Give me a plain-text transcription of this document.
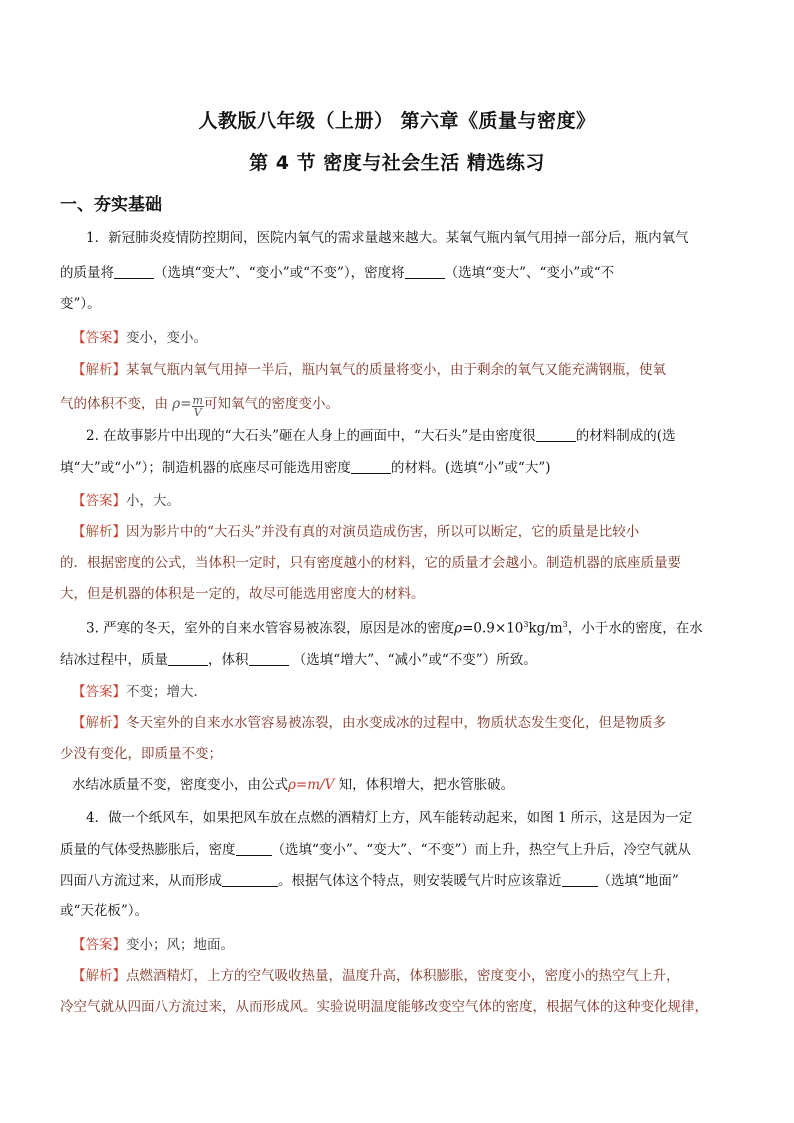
人教版八年级（上册） 第六章《质量与密度》
第 4 节 密度与社会生活 精选练习
一、夯实基础
1．新冠肺炎疫情防控期间，医院内氧气的需求量越来越大。某氧气瓶内氧气用掉一部分后，瓶内氧气
的质量将	（选填“变大”、“变小”或“不变”），密度将	（选填“变大”、“变小”或“不
变”）。
【答案】变小，变小。
【解析】某氧气瓶内氧气用掉一半后，瓶内氧气的质量将变小，由于剩余的氧气又能充满钢瓶，使氧
气的体积不变，由 $\rho= \frac{m}{V}$ 可知氧气的密度变小。
2. 在故事影片中出现的“大石头”砸在人身上的画面中，“大石头”是由密度很	的材料制成的(选
填“大”或“小”）；制造机器的底座尽可能选用密度	的材料。(选填“小”或“大”)
【答案】小，大。
【解析】因为影片中的“大石头”并没有真的对演员造成伤害，所以可以断定，它的质量是比较小
的．根据密度的公式，当体积一定时，只有密度越小的材料，它的质量才会越小。制造机器的底座质量要
大，但是机器的体积是一定的，故尽可能选用密度大的材料。
3. 严寒的冬天，室外的自来水管容易被冻裂，原因是冰的密度$\rho=0.9\times 10^3kg/m^3$，小于水的密度，在水
结冰过程中，质量	，体积	（选填“增大”、“减小”或“不变”）所致。
【答案】不变；增大．
【解析】冬天室外的自来水水管容易被冻裂，由水变成冰的过程中，物质状态发生变化，但是物质多
少没有变化，即质量不变；
水结冰质量不变，密度变小，由公式ρ=m/V 知，体积增大，把水管胀破。
4．做一个纸风车，如果把风车放在点燃的酒精灯上方，风车能转动起来，如图 1 所示，这是因为一定
质量的气体受热膨胀后，密度	（选填“变小”、“变大”、“不变”）而上升，热空气上升后，冷空气就从
四面八方流过来，从而形成	。根据气体这个特点，则安装暖气片时应该靠近	（选填“地面”
或“天花板”）。
【答案】变小；风；地面。
【解析】点燃酒精灯，上方的空气吸收热量，温度升高，体积膨胀，密度变小，密度小的热空气上升，
冷空气就从四面八方流过来，从而形成风。实验说明温度能够改变空气体的密度，根据气体的这种变化规律，
